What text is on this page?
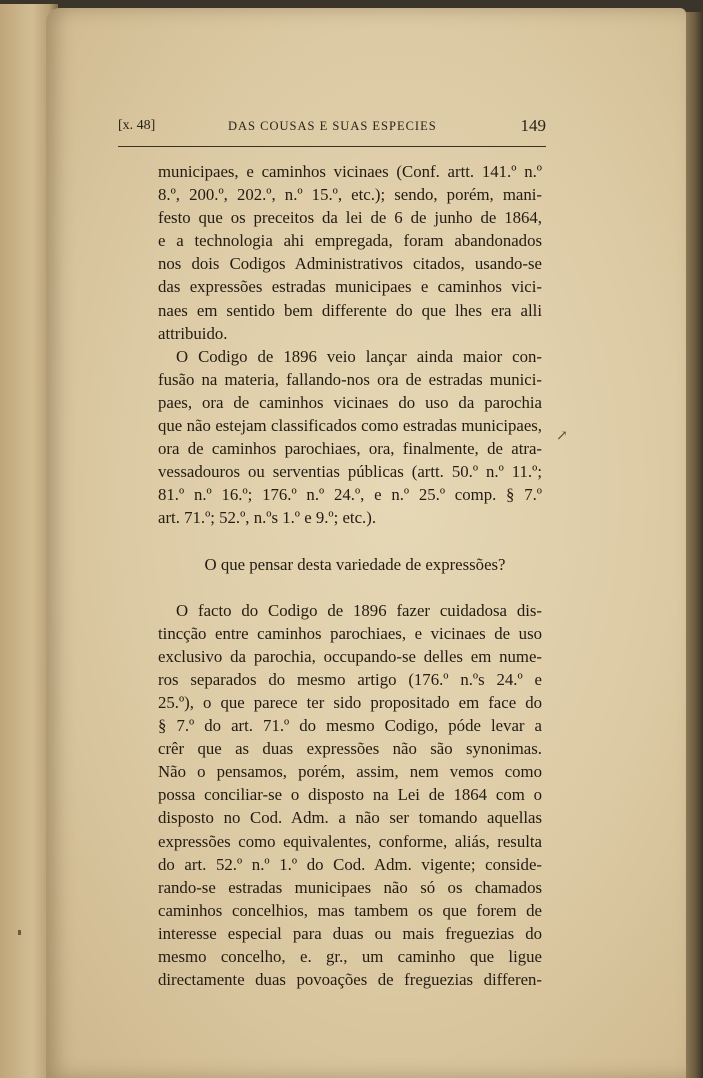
[x. 48]	DAS COUSAS E SUAS ESPECIES	149
municipaes, e caminhos vicinaes (Conf. artt. 141.º n.º
8.º, 200.º, 202.º, n.º 15.º, etc.); sendo, porém, mani-
festo que os preceitos da lei de 6 de junho de 1864,
e a technologia ahi empregada, foram abandonados
nos dois Codigos Administrativos citados, usando-se
das expressões estradas municipaes e caminhos vici-
naes em sentido bem differente do que lhes era alli
attribuido.
O Codigo de 1896 veio lançar ainda maior con-
fusão na materia, fallando-nos ora de estradas munici-
paes, ora de caminhos vicinaes do uso da parochia
que não estejam classificados como estradas municipaes,
ora de caminhos parochiaes, ora, finalmente, de atra-
vessadouros ou serventias públicas (artt. 50.º n.º 11.º;
81.º n.º 16.º; 176.º n.º 24.º, e n.º 25.º comp. § 7.º
art. 71.º; 52.º, n.ºs 1.º e 9.º; etc.).
O que pensar desta variedade de expressões?
O facto do Codigo de 1896 fazer cuidadosa dis-
tincção entre caminhos parochiaes, e vicinaes de uso
exclusivo da parochia, occupando-se delles em nume-
ros separados do mesmo artigo (176.º n.ºs 24.º e
25.º), o que parece ter sido propositado em face do
§ 7.º do art. 71.º do mesmo Codigo, póde levar a
crêr que as duas expressões não são synonimas.
Não o pensamos, porém, assim, nem vemos como
possa conciliar-se o disposto na Lei de 1864 com o
disposto no Cod. Adm. a não ser tomando aquellas
expressões como equivalentes, conforme, aliás, resulta
do art. 52.º n.º 1.º do Cod. Adm. vigente; conside-
rando-se estradas municipaes não só os chamados
caminhos concelhios, mas tambem os que forem de
interesse especial para duas ou mais freguezias do
mesmo concelho, e. gr., um caminho que ligue
directamente duas povoações de freguezias differen-
↗
